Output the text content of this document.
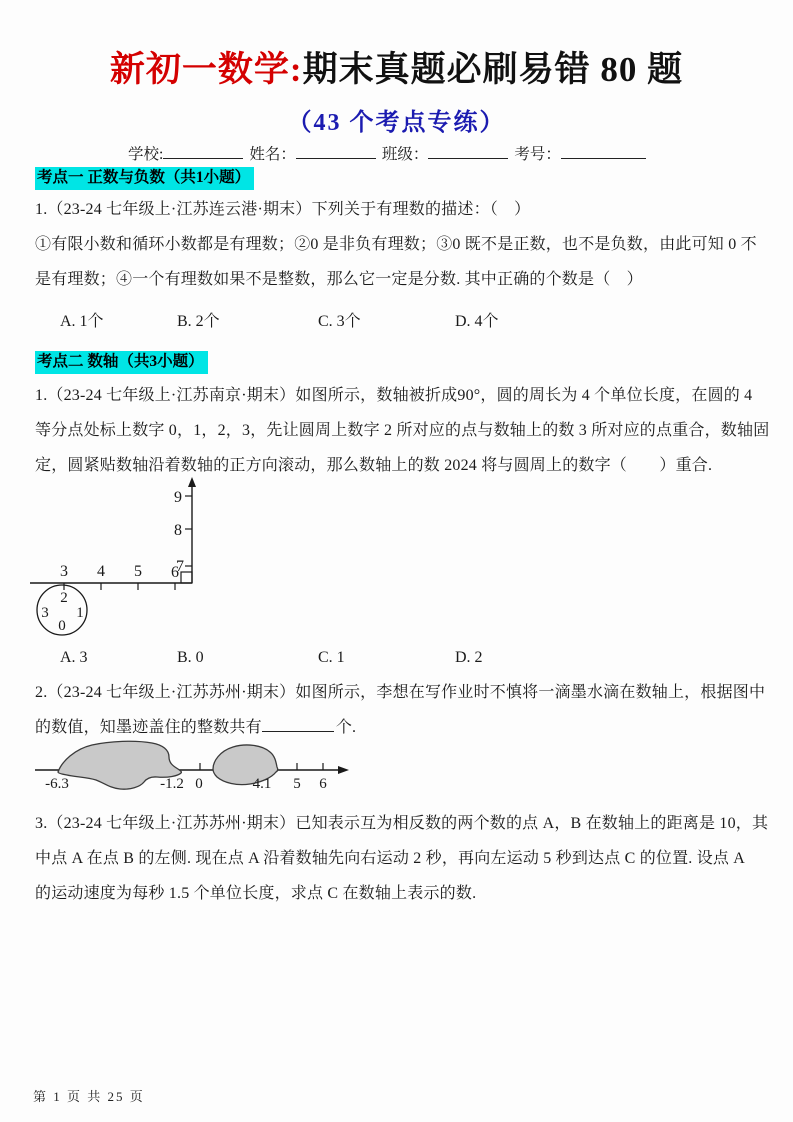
新初一数学:期末真题必刷易错 80 题
（43 个考点专练）
学校:	姓名：	班级：	考号：
考点一 正数与负数（共1小题）
1.（23-24 七年级上·江苏连云港·期末）下列关于有理数的描述：（　）
①有限小数和循环小数都是有理数；②0 是非负有理数；③0 既不是正数，也不是负数，由此可知 0 不
是有理数；④一个有理数如果不是整数，那么它一定是分数. 其中正确的个数是（　）
A. 1个	B. 2个	C. 3个	D. 4个
考点二 数轴（共3小题）
1.（23-24 七年级上·江苏南京·期末）如图所示，数轴被折成90°，圆的周长为 4 个单位长度，在圆的 4
等分点处标上数字 0，1，2，3，先让圆周上数字 2 所对应的点与数轴上的数 3 所对应的点重合，数轴固
定，圆紧贴数轴沿着数轴的正方向滚动，那么数轴上的数 2024 将与圆周上的数字（　　）重合.
3 4 5 6
7
8
9
2
1
0
3
A. 3	B. 0	C. 1	D. 2
2.（23-24 七年级上·江苏苏州·期末）如图所示，李想在写作业时不慎将一滴墨水滴在数轴上，根据图中
的数值，知墨迹盖住的整数共有	个.
-6.3	-1.2 0	4.1 5 6
3.（23-24 七年级上·江苏苏州·期末）已知表示互为相反数的两个数的点 A，B 在数轴上的距离是 10，其
中点 A 在点 B 的左侧. 现在点 A 沿着数轴先向右运动 2 秒，再向左运动 5 秒到达点 C 的位置. 设点 A
的运动速度为每秒 1.5 个单位长度，求点 C 在数轴上表示的数.
第 1 页 共 25 页
